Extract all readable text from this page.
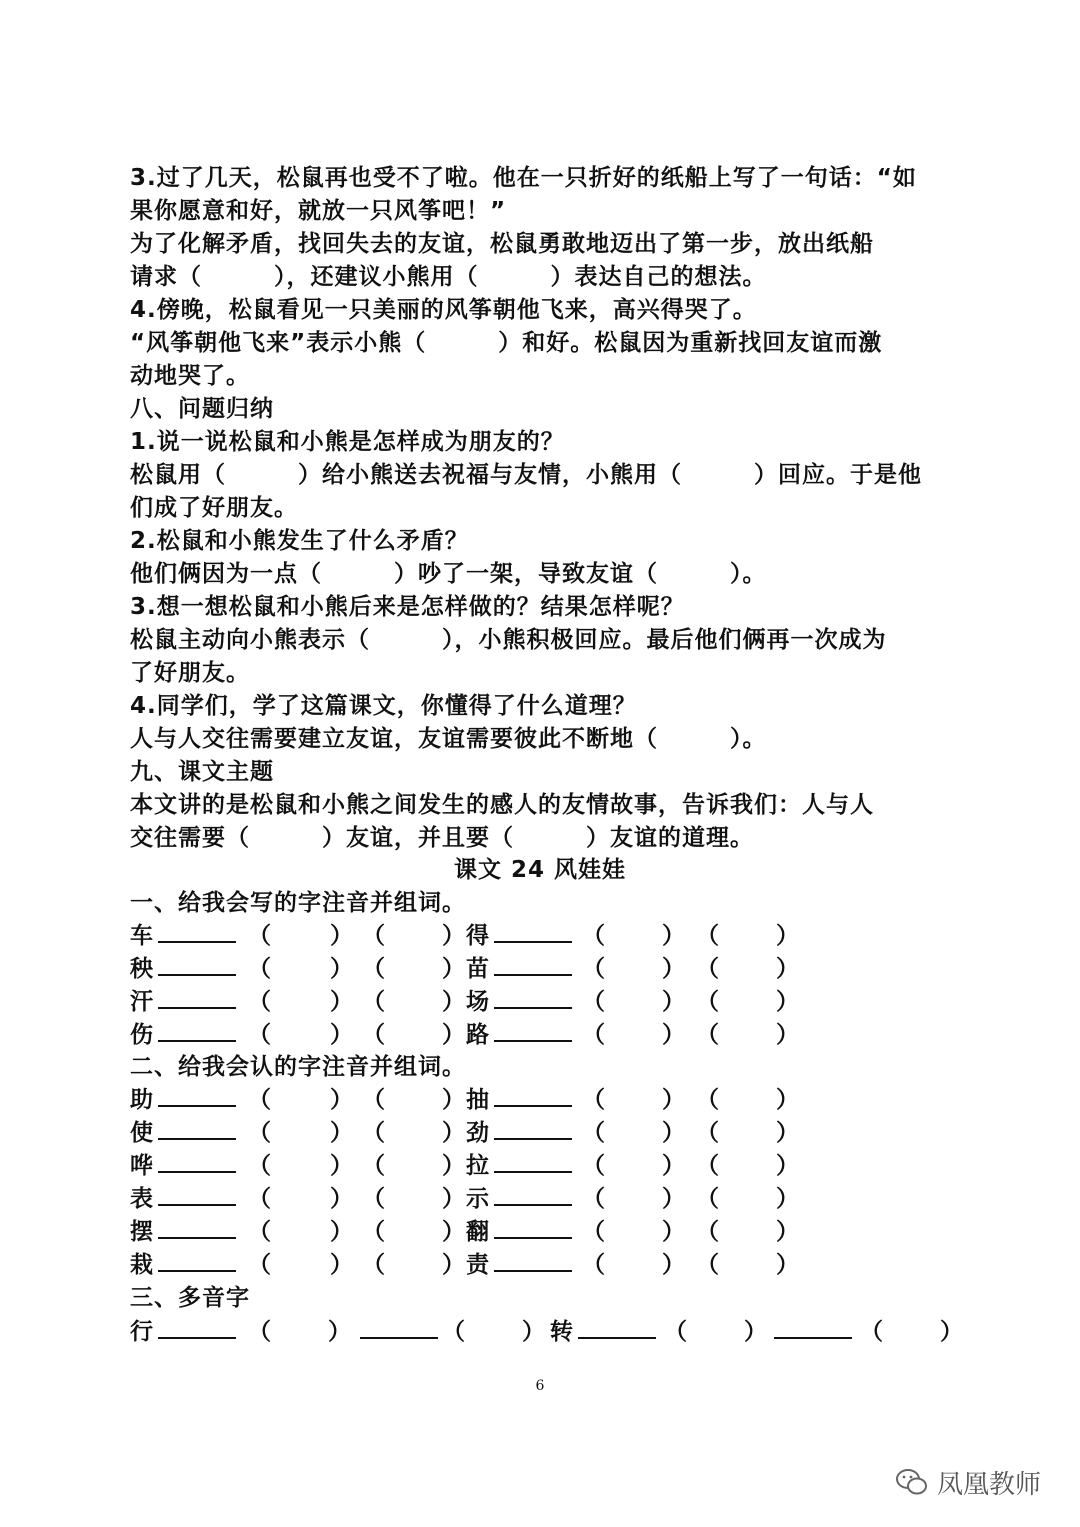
3.过了几天，松鼠再也受不了啦。他在一只折好的纸船上写了一句话：“如
果你愿意和好，就放一只风筝吧！”
为了化解矛盾，找回失去的友谊，松鼠勇敢地迈出了第一步，放出纸船
请求（　　　），还建议小熊用（　　　）表达自己的想法。
4.傍晚，松鼠看见一只美丽的风筝朝他飞来，高兴得哭了。
“风筝朝他飞来”表示小熊（　　　）和好。松鼠因为重新找回友谊而激
动地哭了。
八、问题归纳
1.说一说松鼠和小熊是怎样成为朋友的？
松鼠用（　　　）给小熊送去祝福与友情，小熊用（　　　）回应。于是他
们成了好朋友。
2.松鼠和小熊发生了什么矛盾？
他们俩因为一点（　　　）吵了一架，导致友谊（　　　）。
3.想一想松鼠和小熊后来是怎样做的？结果怎样呢？
松鼠主动向小熊表示（　　　），小熊积极回应。最后他们俩再一次成为
了好朋友。
4.同学们，学了这篇课文，你懂得了什么道理？
人与人交往需要建立友谊，友谊需要彼此不断地（　　　）。
九、课文主题
本文讲的是松鼠和小熊之间发生的感人的友情故事，告诉我们：人与人
交往需要（　　　）友谊，并且要（　　　）友谊的道理。
课文 24 风娃娃
一、给我会写的字注音并组词。
车	（	） （ ） 得	（ ） （ ）
秧	（	） （ ） 苗	（ ） （ ）
汗	（	） （ ） 场	（ ） （ ）
伤	（	） （ ） 路	（ ） （ ）
二、给我会认的字注音并组词。
助	（	） （ ） 抽	（ ） （ ）
使	（	） （ ） 劲	（ ） （ ）
哗	（	） （ ） 拉	（ ） （ ）
表	（	） （ ） 示	（ ） （ ）
摆	（	） （ ） 翻	（ ） （ ）
栽	（	） （ ） 责	（ ） （ ）
三、多音字
行	（ ）	（ ） 转	（ ）	（ ）
6
凤凰教师
